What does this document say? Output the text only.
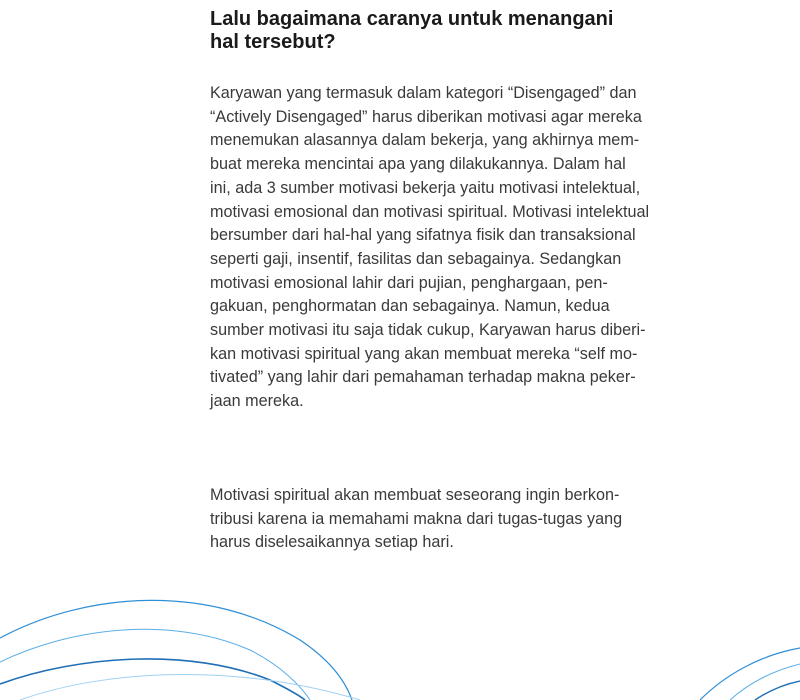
Lalu bagaimana caranya untuk menangani
hal tersebut?
Karyawan yang termasuk dalam kategori “Disengaged” dan
“Actively Disengaged” harus diberikan motivasi agar mereka
menemukan alasannya dalam bekerja, yang akhirnya mem-
buat mereka mencintai apa yang dilakukannya. Dalam hal
ini, ada 3 sumber motivasi bekerja yaitu motivasi intelektual,
motivasi emosional dan motivasi spiritual. Motivasi intelektual
bersumber dari hal-hal yang sifatnya fisik dan transaksional
seperti gaji, insentif, fasilitas dan sebagainya. Sedangkan
motivasi emosional lahir dari pujian, penghargaan, pen-
gakuan, penghormatan dan sebagainya. Namun, kedua
sumber motivasi itu saja tidak cukup, Karyawan harus diberi-
kan motivasi spiritual yang akan membuat mereka “self mo-
tivated” yang lahir dari pemahaman terhadap makna peker-
jaan mereka.
Motivasi spiritual akan membuat seseorang ingin berkon-
tribusi karena ia memahami makna dari tugas-tugas yang
harus diselesaikannya setiap hari.
